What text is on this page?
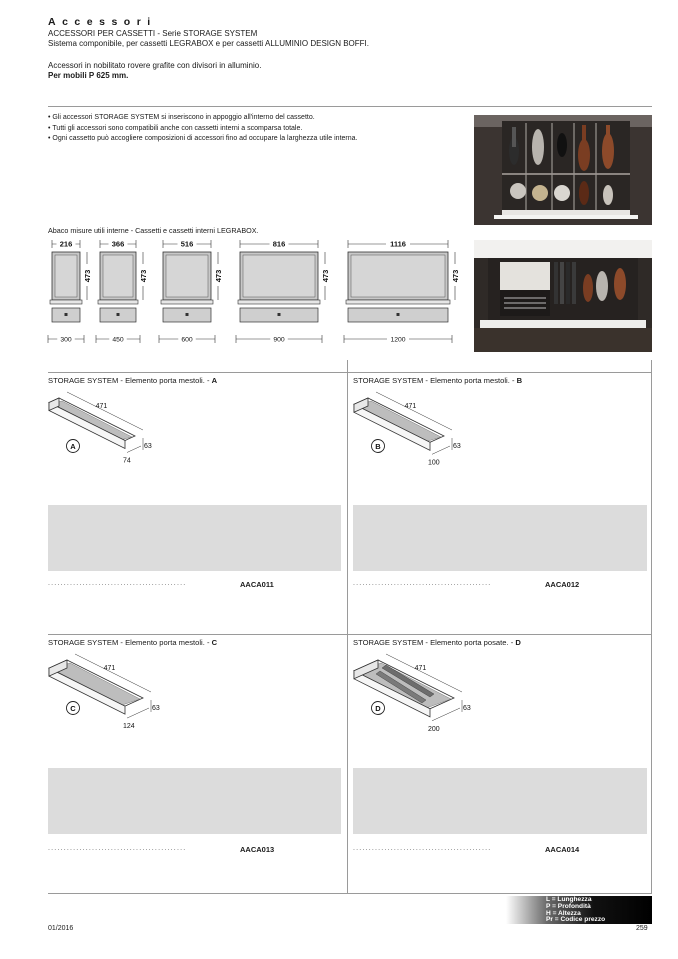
Accessori
ACCESSORI PER CASSETTI - Serie STORAGE SYSTEM
Sistema componibile, per cassetti LEGRABOX e per cassetti ALLUMINIO DESIGN BOFFI.
Accessori in nobilitato rovere grafite con divisori in alluminio.
Per mobili P 625 mm.
• Gli accessori STORAGE SYSTEM si inseriscono in appoggio all'interno del cassetto.
• Tutti gli accessori sono compatibili anche con cassetti interni a scomparsa totale.
• Ogni cassetto può accogliere composizioni di accessori fino ad occupare la larghezza utile interna.
Abaco misure utili interne - Cassetti e cassetti interni LEGRABOX.
216
473
300
366
473
450
516
473
600
816
473
900
1116
473
1200
STORAGE SYSTEM - Elemento porta mestoli. - A
471
63
74
A
............................................	AACA011
STORAGE SYSTEM - Elemento porta mestoli. - B
471
63
100
B
............................................	AACA012
STORAGE SYSTEM - Elemento porta mestoli. - C
471
63
124
C
............................................	AACA013
STORAGE SYSTEM - Elemento porta posate. - D
471
63
200
D
............................................	AACA014
L = Lunghezza
P = Profondità
H = Altezza
Pr = Codice prezzo
01/2016	259
